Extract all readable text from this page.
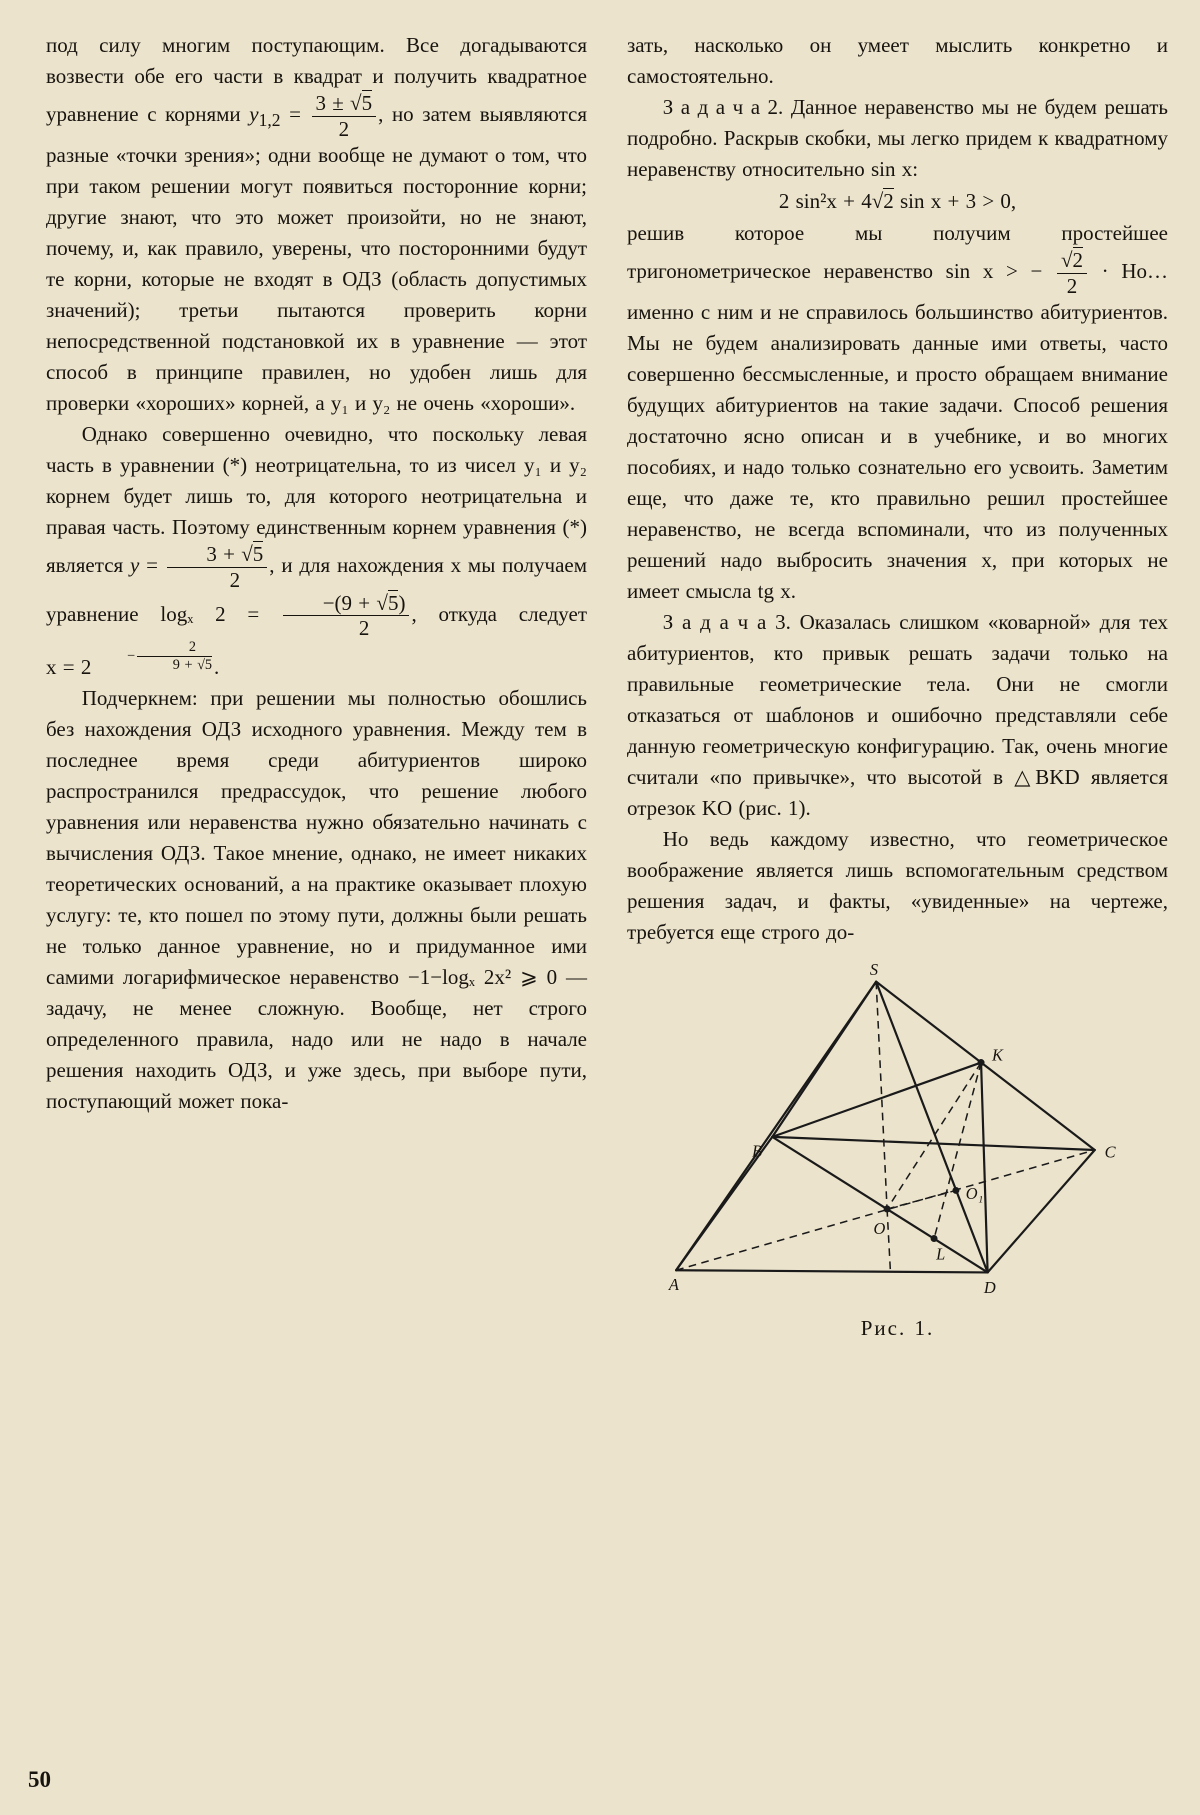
под силу многим поступающим. Все догадываются возвести обе его части в квадрат и получить квадратное уравнение с корнями $y_{1,2} = \frac{3 \pm √5}{2}$ , но затем выявляются разные «точки зрения»; одни вообще не думают о том, что при таком решении могут появиться посторонние корни; другие знают, что это может произойти, но не знают, почему, и, как правило, уверены, что посторонними будут те корни, которые не входят в ОДЗ (область допустимых значений); третьи пытаются проверить корни непосредственной подстановкой их в уравнение — этот способ в принципе правилен, но удобен лишь для проверки «хороших» корней, а y₁ и y₂ не очень «хороши».

Однако совершенно очевидно, что поскольку левая часть в уравнении (*) неотрицательна, то из чисел y₁ и y₂ корнем будет лишь то, для которого неотрицательна и правая часть. Поэтому единственным корнем уравнения (*) является $y = \frac{3 + √5}{2}$ , и для нахождения x мы получаем уравнение logₓ $2 = \frac{-(9 + √5)}{2}$ , откуда следует $x = 2 - \frac{2}{9 + √5}$ .

Подчеркнем: при решении мы полностью обошлись без нахождения ОДЗ исходного уравнения. Между тем в последнее время среди абитуриентов широко распространился предрассудок, что решение любого уравнения или неравенства нужно обязательно начинать с вычисления ОДЗ. Такое мнение, однако, не имеет никаких теоретических оснований, а на практике оказывает плохую услугу: те, кто пошел по этому пути, должны были решать не только данное уравнение, но и придуманное ими самими логарифмическое неравенство −1−logₓ 2x² ⩾ 0 — задачу, не менее сложную. Вообще, нет строго определенного правила, надо или не надо в начале решения находить ОДЗ, и уже здесь, при выборе пути, поступающий может пока-

зать, насколько он умеет мыслить конкретно и самостоятельно.

З а д а ч а 2. Данное неравенство мы не будем решать подробно. Раскрыв скобки, мы легко придем к квадратному неравенству относительно sin x:

2 sin²x + 4√2 sin x + 3 > 0,

решив которое мы получим простейшее тригонометрическое неравенство sin x > − $\frac{√2}{2}$ · Но… именно с ним и не справилось большинство абитуриентов. Мы не будем анализировать данные ими ответы, часто совершенно бессмысленные, и просто обращаем внимание будущих абитуриентов на такие задачи. Способ решения достаточно ясно описан и в учебнике, и во многих пособиях, и надо только сознательно его усвоить. Заметим еще, что даже те, кто правильно решил простейшее неравенство, не всегда вспоминали, что из полученных решений надо выбросить значения x, при которых не имеет смысла tg x.

З а д а ч а 3. Оказалась слишком «коварной» для тех абитуриентов, кто привык решать задачи только на правильные геометрические тела. Они не смогли отказаться от шаблонов и ошибочно представляли себе данную геометрическую конфигурацию. Так, очень многие считали «по привычке», что высотой в △BKD является отрезок KO (рис. 1).

Но ведь каждому известно, что геометрическое воображение является лишь вспомогательным средством решения задач, и факты, «увиденные» на чертеже, требуется еще строго до-

S
K
B	C
O₁
O
L
A	D
Рис. 1.
50
